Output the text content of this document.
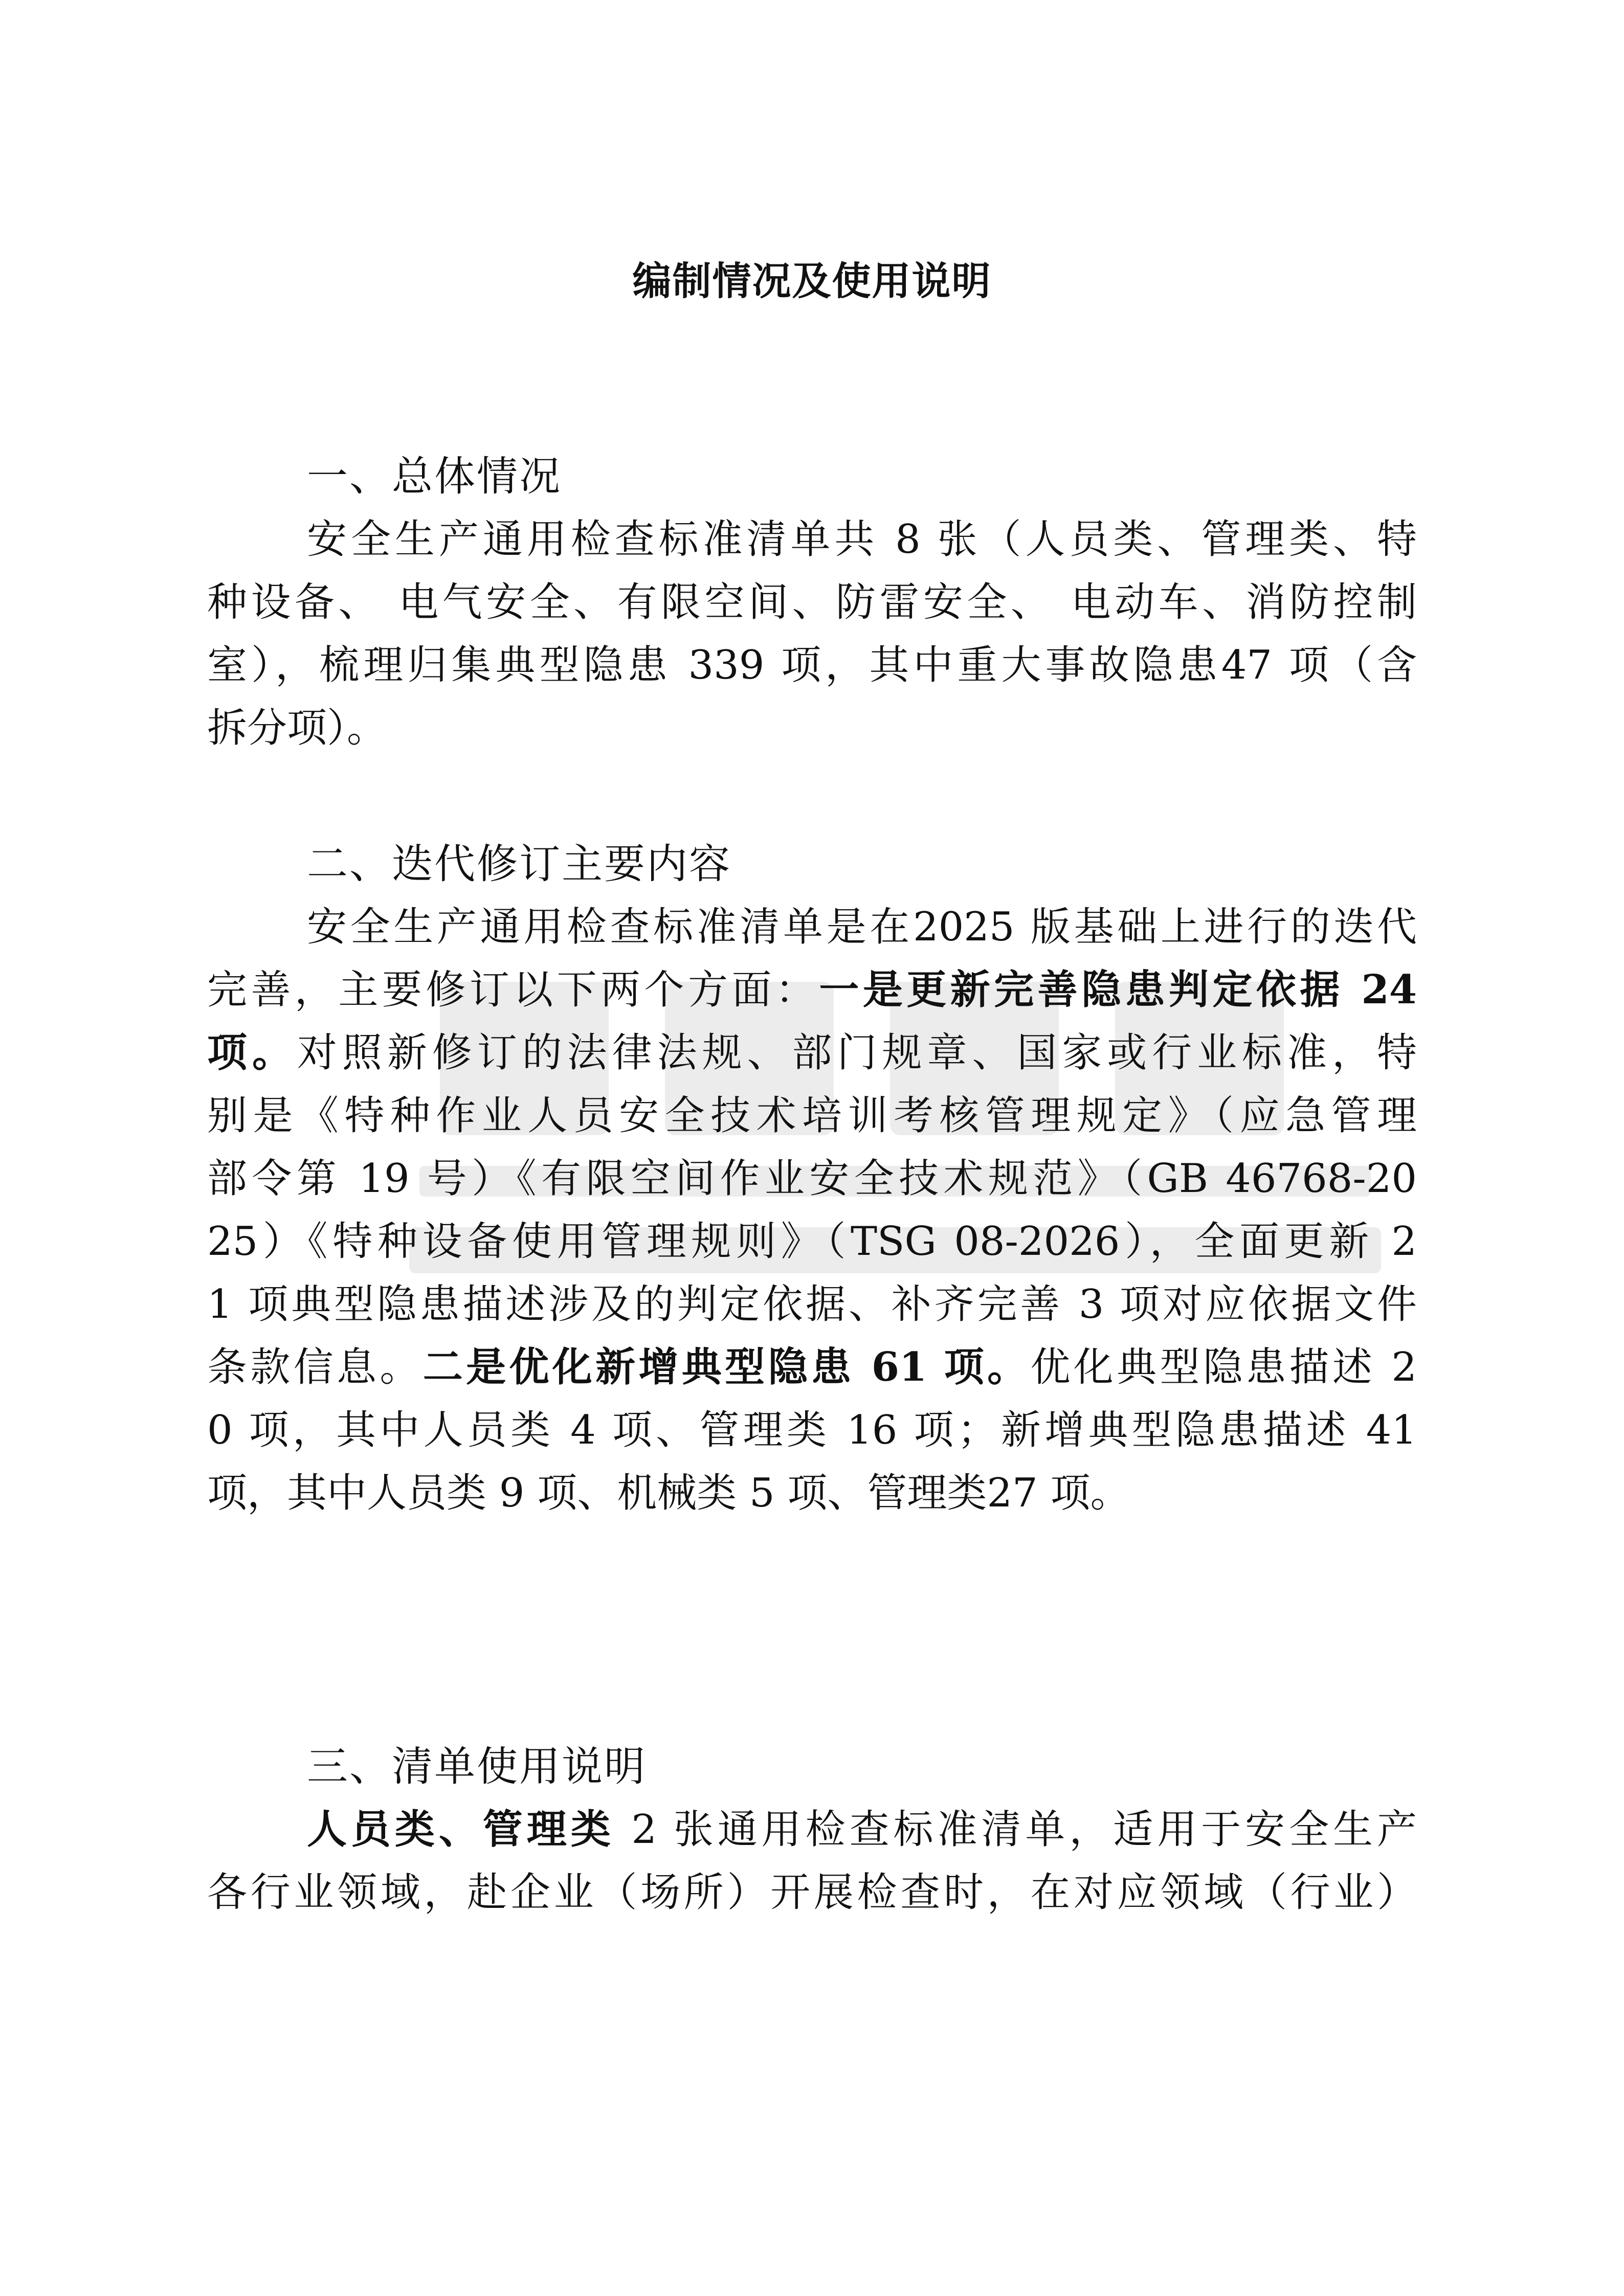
编制情况及使用说明
一、总体情况
安全生产通用检查标准清单共 8 张（人员类、管理类、特
种设备、 电气安全、有限空间、防雷安全、 电动车、消防控制
室），梳理归集典型隐患 339 项，其中重大事故隐患47 项（含
拆分项）。
二、迭代修订主要内容
安全生产通用检查标准清单是在2025 版基础上进行的迭代
完善，主要修订以下两个方面：一是更新完善隐患判定依据 24
项。对照新修订的法律法规、部门规章、国家或行业标准，特
别是《特种作业人员安全技术培训考核管理规定》（应急管理
部令第 19 号）《有限空间作业安全技术规范》（GB 46768-20
25）《特种设备使用管理规则》（TSG 08-2026），全面更新 2
1 项典型隐患描述涉及的判定依据、补齐完善 3 项对应依据文件
条款信息。二是优化新增典型隐患 61 项。优化典型隐患描述 2
0 项，其中人员类 4 项、管理类 16 项；新增典型隐患描述 41
项，其中人员类 9 项、机械类 5 项、管理类27 项。
三、清单使用说明
人员类、管理类 2 张通用检查标准清单，适用于安全生产
各行业领域，赴企业（场所）开展检查时，在对应领域（行业）
